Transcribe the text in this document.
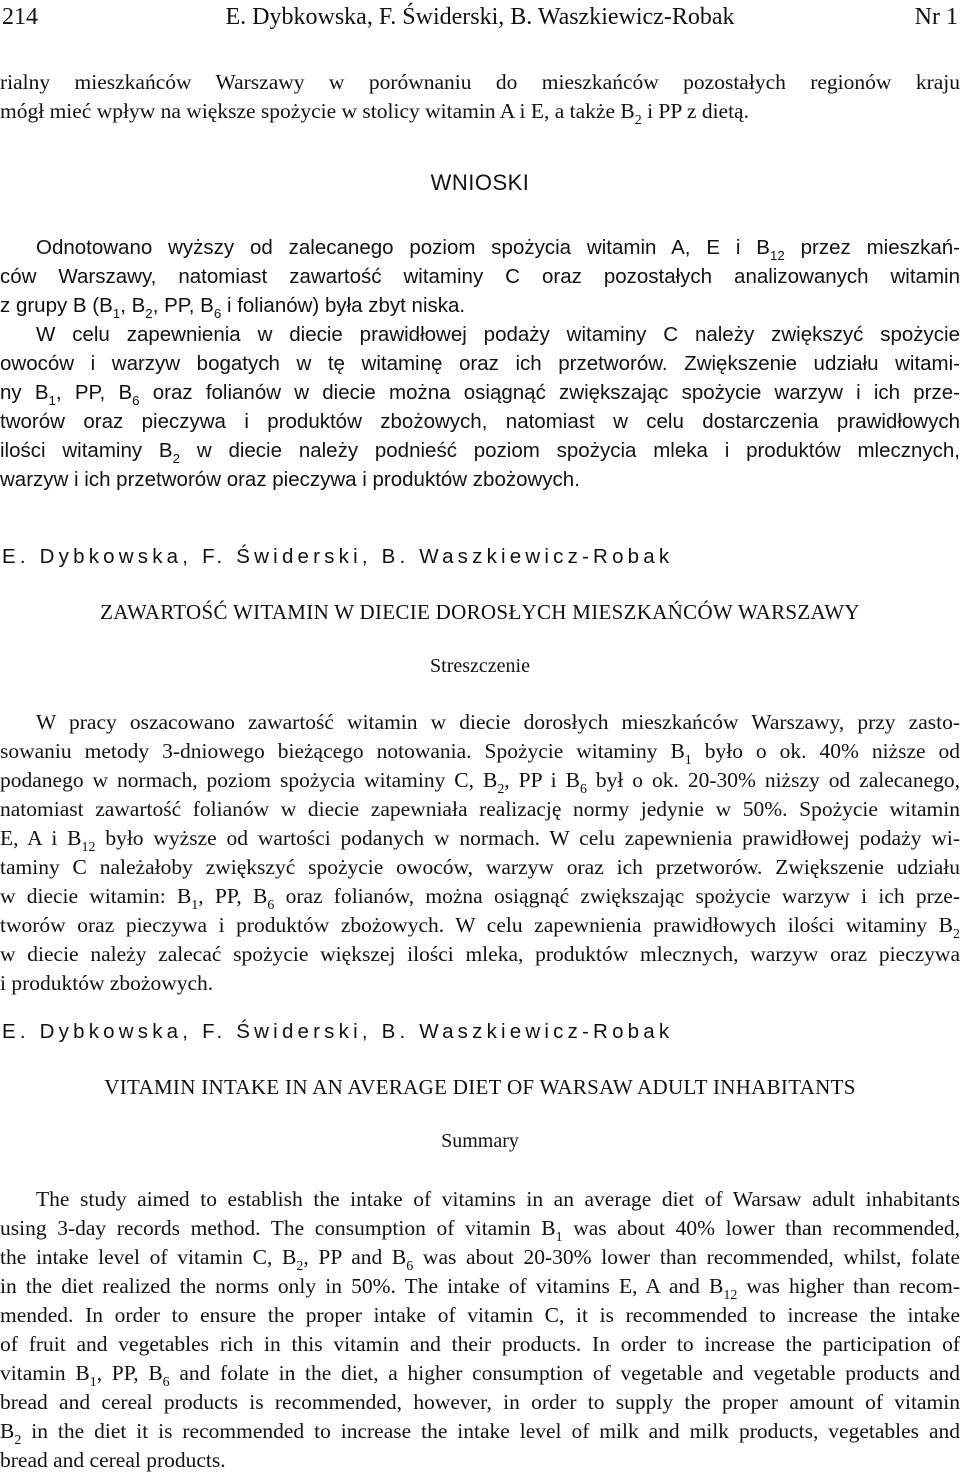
214	E. Dybkowska, F. Świderski, B. Waszkiewicz-Robak	Nr 1
rialny mieszkańców Warszawy w porównaniu do mieszkańców pozostałych regionów kraju
mógł mieć wpływ na większe spożycie w stolicy witamin A i E, a także $B_2$ i PP z dietą.
WNIOSKI
Odnotowano wyższy od zalecanego poziom spożycia witamin A, E i $B_{12}$ przez mieszkań-
ców Warszawy, natomiast zawartość witaminy C oraz pozostałych analizowanych witamin
z grupy B ($B_1$, $B_2$, PP, $B_6$ i folianów) była zbyt niska.
W celu zapewnienia w diecie prawidłowej podaży witaminy C należy zwiększyć spożycie
owoców i warzyw bogatych w tę witaminę oraz ich przetworów. Zwiększenie udziału witami-
ny $B_1$, PP, $B_6$ oraz folianów w diecie można osiągnąć zwiększając spożycie warzyw i ich prze-
tworów oraz pieczywa i produktów zbożowych, natomiast w celu dostarczenia prawidłowych
ilości witaminy $B_2$ w diecie należy podnieść poziom spożycia mleka i produktów mlecznych,
warzyw i ich przetworów oraz pieczywa i produktów zbożowych.
E. Dybkowska, F. Świderski, B. Waszkiewicz-Robak
ZAWARTOŚĆ WITAMIN W DIECIE DOROSŁYCH MIESZKAŃCÓW WARSZAWY
Streszczenie
W pracy oszacowano zawartość witamin w diecie dorosłych mieszkańców Warszawy, przy zasto-
sowaniu metody 3-dniowego bieżącego notowania. Spożycie witaminy $B_1$ było o ok. 40% niższe od
podanego w normach, poziom spożycia witaminy C, $B_2$, PP i $B_6$ był o ok. 20-30% niższy od zalecanego,
natomiast zawartość folianów w diecie zapewniała realizację normy jedynie w 50%. Spożycie witamin
E, A i $B_{12}$ było wyższe od wartości podanych w normach. W celu zapewnienia prawidłowej podaży wi-
taminy C należałoby zwiększyć spożycie owoców, warzyw oraz ich przetworów. Zwiększenie udziału
w diecie witamin: $B_1$, PP, $B_6$ oraz folianów, można osiągnąć zwiększając spożycie warzyw i ich prze-
tworów oraz pieczywa i produktów zbożowych. W celu zapewnienia prawidłowych ilości witaminy $B_2$
w diecie należy zalecać spożycie większej ilości mleka, produktów mlecznych, warzyw oraz pieczywa
i produktów zbożowych.
E. Dybkowska, F. Świderski, B. Waszkiewicz-Robak
VITAMIN INTAKE IN AN AVERAGE DIET OF WARSAW ADULT INHABITANTS
Summary
The study aimed to establish the intake of vitamins in an average diet of Warsaw adult inhabitants
using 3-day records method. The consumption of vitamin $B_1$ was about 40% lower than recommended,
the intake level of vitamin C, $B_2$, PP and $B_6$ was about 20-30% lower than recommended, whilst, folate
in the diet realized the norms only in 50%. The intake of vitamins E, A and $B_{12}$ was higher than recom-
mended. In order to ensure the proper intake of vitamin C, it is recommended to increase the intake
of fruit and vegetables rich in this vitamin and their products. In order to increase the participation of
vitamin $B_1$, PP, $B_6$ and folate in the diet, a higher consumption of vegetable and vegetable products and
bread and cereal products is recommended, however, in order to supply the proper amount of vitamin
$B_2$ in the diet it is recommended to increase the intake level of milk and milk products, vegetables and
bread and cereal products.
